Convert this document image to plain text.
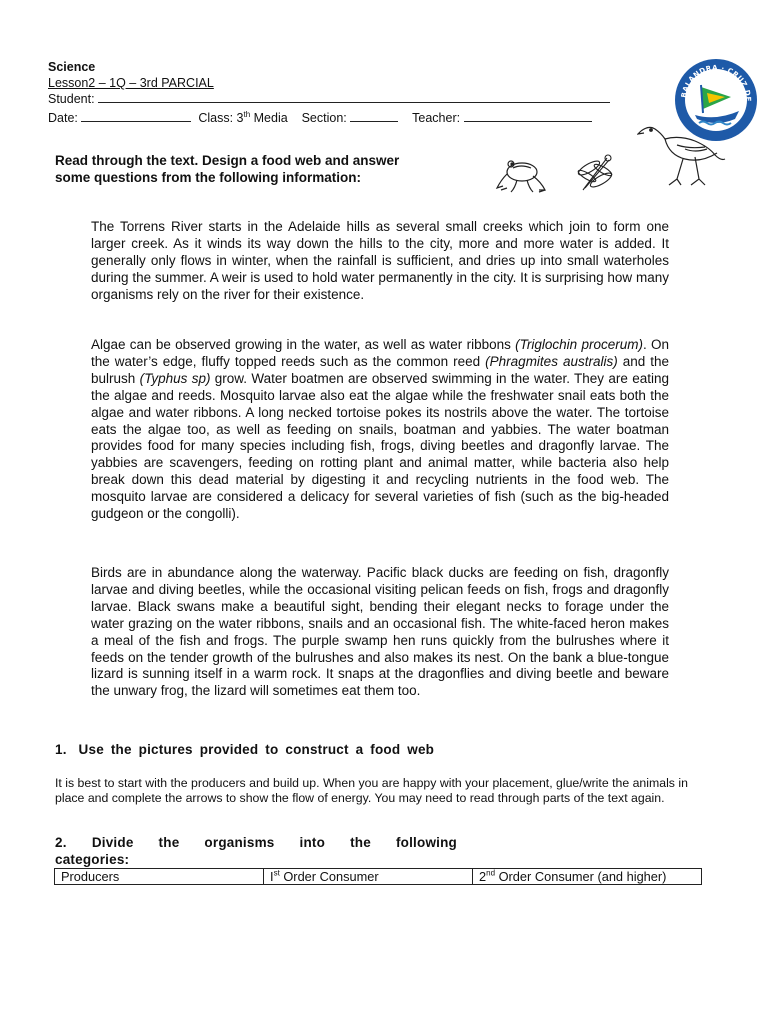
Science
Lesson2 – 1Q – 3rd PARCIAL
Student:
Date:	Class: 3th Media Section:	Teacher:
BALANDRA · CRUZ DE
Read through the text. Design a food web and answer some questions from the following information:
The Torrens River starts in the Adelaide hills as several small creeks which join to form one larger creek. As it winds its way down the hills to the city, more and more water is added. It generally only flows in winter, when the rainfall is sufficient, and dries up into small waterholes during the summer. A weir is used to hold water permanently in the city. It is surprising how many organisms rely on the river for their existence.
Algae can be observed growing in the water, as well as water ribbons (Triglochin procerum). On the water’s edge, fluffy topped reeds such as the common reed (Phragmites australis) and the bulrush (Typhus sp) grow. Water boatmen are observed swimming in the water. They are eating the algae and reeds. Mosquito larvae also eat the algae while the freshwater snail eats both the algae and water ribbons. A long necked tortoise pokes its nostrils above the water. The tortoise eats the algae too, as well as feeding on snails, boatman and yabbies. The water boatman provides food for many species including fish, frogs, diving beetles and dragonfly larvae. The yabbies are scavengers, feeding on rotting plant and animal matter, while bacteria also help break down this dead material by digesting it and recycling nutrients in the food web. The mosquito larvae are considered a delicacy for several varieties of fish (such as the big-headed gudgeon or the congolli).
Birds are in abundance along the waterway. Pacific black ducks are feeding on fish, dragonfly larvae and diving beetles, while the occasional visiting pelican feeds on fish, frogs and dragonfly larvae. Black swans make a beautiful sight, bending their elegant necks to forage under the water grazing on the water ribbons, snails and an occasional fish. The white-faced heron makes a meal of the fish and frogs. The purple swamp hen runs quickly from the bulrushes where it feeds on the tender growth of the bulrushes and also makes its nest. On the bank a blue-tongue lizard is sunning itself in a warm rock. It snaps at the dragonflies and diving beetle and beware the unwary frog, the lizard will sometimes eat them too.
1. Use the pictures provided to construct a food web
It is best to start with the producers and build up. When you are happy with your placement, glue/write the animals in place and complete the arrows to show the flow of energy. You may need to read through parts of the text again.
2. Divide the organisms into the following categories:
Producers	Ist Order Consumer	2nd Order Consumer (and higher)
